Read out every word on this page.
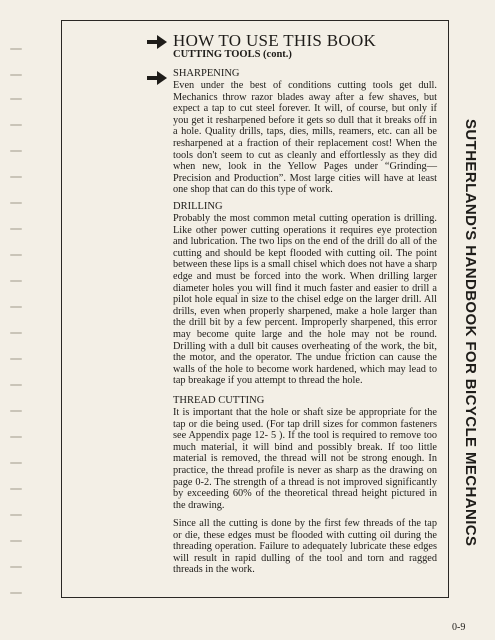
HOW TO USE THIS BOOK
CUTTING TOOLS (cont.)
SHARPENING
Even under the best of conditions cutting tools get dull. Mechanics throw razor blades away after a few shaves, but expect a tap to cut steel forever. It will, of course, but only if you get it resharpened before it gets so dull that it breaks off in a hole. Quality drills, taps, dies, mills, reamers, etc. can all be resharpened at a fraction of their replacement cost! When the tools don't seem to cut as cleanly and effortlessly as they did when new, look in the Yellow Pages under “Grinding—Precision and Production”. Most large cities will have at least one shop that can do this type of work.
DRILLING
Probably the most common metal cutting operation is drilling. Like other power cutting operations it requires eye protection and lubrication. The two lips on the end of the drill do all of the cutting and should be kept flooded with cutting oil. The point between these lips is a small chisel which does not have a sharp edge and must be forced into the work. When drilling larger diameter holes you will find it much faster and easier to drill a pilot hole equal in size to the chisel edge on the larger drill. All drills, even when properly sharpened, make a hole larger than the drill bit by a few percent. Improperly sharpened, this error may become quite large and the hole may not be round. Drilling with a dull bit causes overheating of the work, the bit, the motor, and the operator. The undue friction can cause the walls of the hole to become work hardened, which may lead to tap breakage if you attempt to thread the hole.
THREAD CUTTING
It is important that the hole or shaft size be appropriate for the tap or die being used. (For tap drill sizes for common fasteners see Appendix page 12- 5 ). If the tool is required to remove too much material, it will bind and possibly break. If too little material is removed, the thread will not be strong enough. In practice, the thread profile is never as sharp as the drawing on page 0-2. The strength of a thread is not improved significantly by exceeding 60% of the theoretical thread height pictured in the drawing.
Since all the cutting is done by the first few threads of the tap or die, these edges must be flooded with cutting oil during the threading operation. Failure to adequately lubricate these edges will result in rapid dulling of the tool and torn and ragged threads in the work.
SUTHERLAND'S HANDBOOK FOR BICYCLE MECHANICS
0-9
